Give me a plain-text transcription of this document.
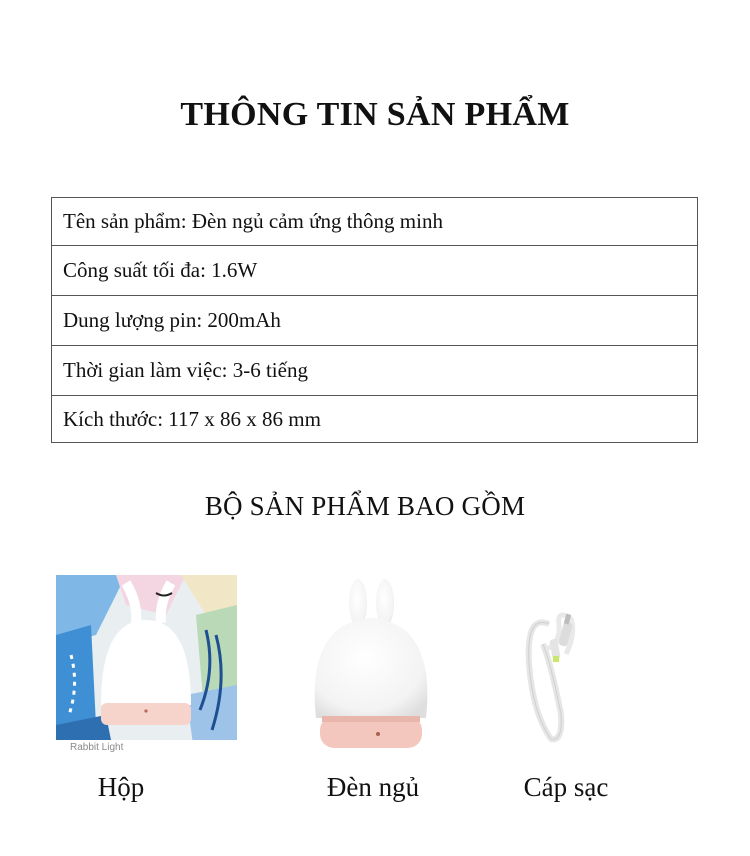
THÔNG TIN SẢN PHẨM
Tên sản phẩm: Đèn ngủ cảm ứng thông minh
Công suất tối đa: 1.6W
Dung lượng pin: 200mAh
Thời gian làm việc: 3-6 tiếng
Kích thước: 117 x 86 x 86 mm
BỘ SẢN PHẨM BAO GỒM
Rabbit Light
Hộp	Đèn ngủ	Cáp sạc
